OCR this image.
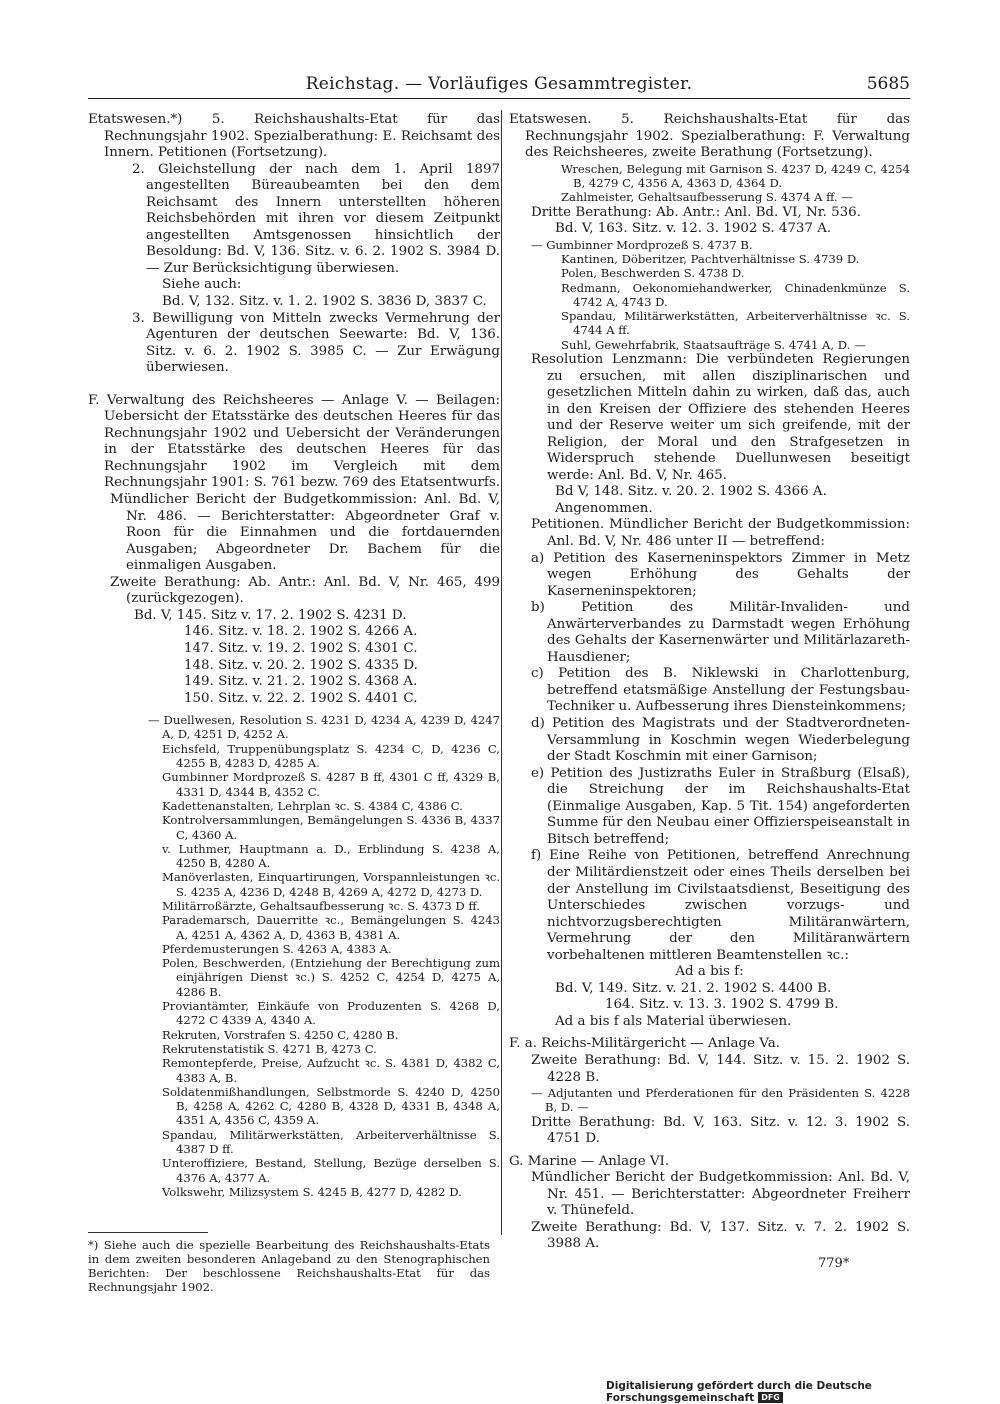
Reichstag. — Vorläufiges Gesammtregister.	5685
Etatswesen.*) 5. Reichshaushalts-Etat für das Rechnungsjahr 1902. Spezialberathung: E. Reichsamt des Innern. Petitionen (Fortsetzung).
2. Gleichstellung der nach dem 1. April 1897 angestellten Büreaubeamten bei den dem Reichsamt des Innern unterstellten höheren Reichsbehörden mit ihren vor diesem Zeitpunkt angestellten Amtsgenossen hinsichtlich der Besoldung: Bd. V, 136. Sitz. v. 6. 2. 1902 S. 3984 D. — Zur Berücksichtigung überwiesen.
Siehe auch:
Bd. V, 132. Sitz. v. 1. 2. 1902 S. 3836 D, 3837 C.
3. Bewilligung von Mitteln zwecks Vermehrung der Agenturen der deutschen Seewarte: Bd. V, 136. Sitz. v. 6. 2. 1902 S. 3985 C. — Zur Erwägung überwiesen.
F. Verwaltung des Reichsheeres — Anlage V. — Beilagen: Uebersicht der Etatsstärke des deutschen Heeres für das Rechnungsjahr 1902 und Uebersicht der Veränderungen in der Etatsstärke des deutschen Heeres für das Rechnungsjahr 1902 im Vergleich mit dem Rechnungsjahr 1901: S. 761 bezw. 769 des Etatsentwurfs.
Mündlicher Bericht der Budgetkommission: Anl. Bd. V, Nr. 486. — Berichterstatter: Abgeordneter Graf v. Roon für die Einnahmen und die fortdauernden Ausgaben; Abgeordneter Dr. Bachem für die einmaligen Ausgaben.
Zweite Berathung: Ab. Antr.: Anl. Bd. V, Nr. 465, 499 (zurückgezogen).
Bd. V, 145. Sitz v. 17. 2. 1902 S. 4231 D.
146. Sitz. v. 18. 2. 1902 S. 4266 A.
147. Sitz. v. 19. 2. 1902 S. 4301 C.
148. Sitz. v. 20. 2. 1902 S. 4335 D.
149. Sitz. v. 21. 2. 1902 S. 4368 A.
150. Sitz. v. 22. 2. 1902 S. 4401 C.
— Duellwesen, Resolution S. 4231 D, 4234 A, 4239 D, 4247 A, D, 4251 D, 4252 A.
Eichsfeld, Truppenübungsplatz S. 4234 C, D, 4236 C, 4255 B, 4283 D, 4285 A.
Gumbinner Mordprozeß S. 4287 B ff, 4301 C ff, 4329 B, 4331 D, 4344 B, 4352 C.
Kadettenanstalten, Lehrplan ꝛc. S. 4384 C, 4386 C.
Kontrolversammlungen, Bemängelungen S. 4336 B, 4337 C, 4360 A.
v. Luthmer, Hauptmann a. D., Erblindung S. 4238 A, 4250 B, 4280 A.
Manöverlasten, Einquartirungen, Vorspannleistungen ꝛc. S. 4235 A, 4236 D, 4248 B, 4269 A, 4272 D, 4273 D.
Militärroßärzte, Gehaltsaufbesserung ꝛc. S. 4373 D ff.
Parademarsch, Dauerritte ꝛc., Bemängelungen S. 4243 A, 4251 A, 4362 A, D, 4363 B, 4381 A.
Pferdemusterungen S. 4263 A, 4383 A.
Polen, Beschwerden, (Entziehung der Berechtigung zum einjährigen Dienst ꝛc.) S. 4252 C, 4254 D, 4275 A, 4286 B.
Proviantämter, Einkäufe von Produzenten S. 4268 D, 4272 C 4339 A, 4340 A.
Rekruten, Vorstrafen S. 4250 C, 4280 B.
Rekrutenstatistik S. 4271 B, 4273 C.
Remontepferde, Preise, Aufzucht ꝛc. S. 4381 D, 4382 C, 4383 A, B.
Soldatenmißhandlungen, Selbstmorde S. 4240 D, 4250 B, 4258 A, 4262 C, 4280 B, 4328 D, 4331 B, 4348 A, 4351 A, 4356 C, 4359 A.
Spandau, Militärwerkstätten, Arbeiterverhältnisse S. 4387 D ff.
Unteroffiziere, Bestand, Stellung, Bezüge derselben S. 4376 A, 4377 A.
Volkswehr, Milizsystem S. 4245 B, 4277 D, 4282 D.
Etatswesen. 5. Reichshaushalts-Etat für das Rechnungsjahr 1902. Spezialberathung: F. Verwaltung des Reichsheeres, zweite Berathung (Fortsetzung).
Wreschen, Belegung mit Garnison S. 4237 D, 4249 C, 4254 B, 4279 C, 4356 A, 4363 D, 4364 D.
Zahlmeister, Gehaltsaufbesserung S. 4374 A ff. —
Dritte Berathung: Ab. Antr.: Anl. Bd. VI, Nr. 536.
Bd. V, 163. Sitz. v. 12. 3. 1902 S. 4737 A.
— Gumbinner Mordprozeß S. 4737 B.
Kantinen, Döberitzer, Pachtverhältnisse S. 4739 D.
Polen, Beschwerden S. 4738 D.
Redmann, Oekonomiehandwerker, Chinadenkmünze S. 4742 A, 4743 D.
Spandau, Militärwerkstätten, Arbeiterverhältnisse ꝛc. S. 4744 A ff.
Suhl, Gewehrfabrik, Staatsaufträge S. 4741 A, D. —
Resolution Lenzmann: Die verbündeten Regierungen zu ersuchen, mit allen disziplinarischen und gesetzlichen Mitteln dahin zu wirken, daß das, auch in den Kreisen der Offiziere des stehenden Heeres und der Reserve weiter um sich greifende, mit der Religion, der Moral und den Strafgesetzen in Widerspruch stehende Duellunwesen beseitigt werde: Anl. Bd. V, Nr. 465.
Bd V, 148. Sitz. v. 20. 2. 1902 S. 4366 A.
Angenommen.
Petitionen. Mündlicher Bericht der Budgetkommission: Anl. Bd. V, Nr. 486 unter II — betreffend:
a) Petition des Kaserneninspektors Zimmer in Metz wegen Erhöhung des Gehalts der Kaserneninspektoren;
b) Petition des Militär-Invaliden- und Anwärterverbandes zu Darmstadt wegen Erhöhung des Gehalts der Kasernenwärter und Militärlazareth-Hausdiener;
c) Petition des B. Niklewski in Charlottenburg, betreffend etatsmäßige Anstellung der Festungsbau-Techniker u. Aufbesserung ihres Diensteinkommens;
d) Petition des Magistrats und der Stadtverordneten-Versammlung in Koschmin wegen Wiederbelegung der Stadt Koschmin mit einer Garnison;
e) Petition des Justizraths Euler in Straßburg (Elsaß), die Streichung der im Reichshaushalts-Etat (Einmalige Ausgaben, Kap. 5 Tit. 154) angeforderten Summe für den Neubau einer Offizierspeiseanstalt in Bitsch betreffend;
f) Eine Reihe von Petitionen, betreffend Anrechnung der Militärdienstzeit oder eines Theils derselben bei der Anstellung im Civilstaatsdienst, Beseitigung des Unterschiedes zwischen vorzugs- und nichtvorzugsberechtigten Militäranwärtern, Vermehrung der den Militäranwärtern vorbehaltenen mittleren Beamtenstellen ꝛc.:
Ad a bis f:
Bd. V, 149. Sitz. v. 21. 2. 1902 S. 4400 B.
164. Sitz. v. 13. 3. 1902 S. 4799 B.
Ad a bis f als Material überwiesen.
F. a. Reichs-Militärgericht — Anlage Va.
Zweite Berathung: Bd. V, 144. Sitz. v. 15. 2. 1902 S. 4228 B.
— Adjutanten und Pferderationen für den Präsidenten S. 4228 B, D. —
Dritte Berathung: Bd. V, 163. Sitz. v. 12. 3. 1902 S. 4751 D.
G. Marine — Anlage VI.
Mündlicher Bericht der Budgetkommission: Anl. Bd. V, Nr. 451. — Berichterstatter: Abgeordneter Freiherr v. Thünefeld.
Zweite Berathung: Bd. V, 137. Sitz. v. 7. 2. 1902 S. 3988 A.
*) Siehe auch die spezielle Bearbeitung des Reichshaushalts-Etats in dem zweiten besonderen Anlageband zu den Stenographischen Berichten: Der beschlossene Reichshaushalts-Etat für das Rechnungsjahr 1902.
779*
Digitalisierung gefördert durch die Deutsche Forschungsgemeinschaft DFG
